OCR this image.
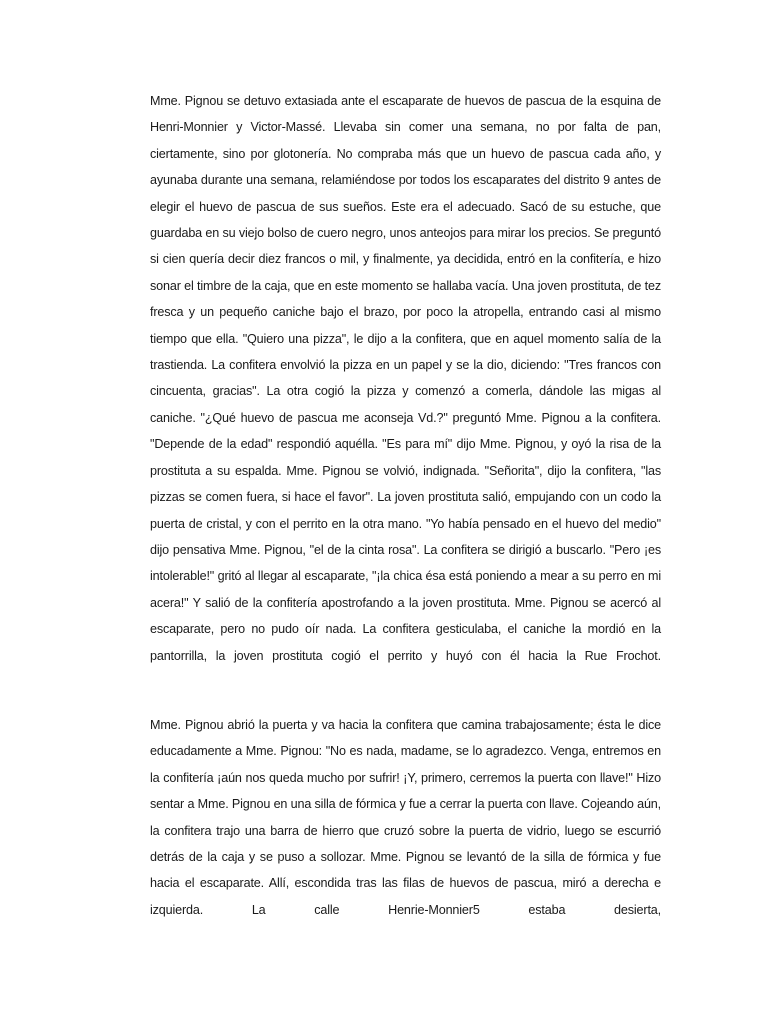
Mme. Pignou se detuvo extasiada ante el escaparate de huevos de pascua de la esquina de Henri-Monnier y Victor-Massé. Llevaba sin comer una semana, no por falta de pan, ciertamente, sino por glotonería. No compraba más que un huevo de pascua cada año, y ayunaba durante una semana, relamiéndose por todos los escaparates del distrito 9 antes de elegir el huevo de pascua de sus sueños. Este era el adecuado. Sacó de su estuche, que guardaba en su viejo bolso de cuero negro, unos anteojos para mirar los precios. Se preguntó si cien quería decir diez francos o mil, y finalmente, ya decidida, entró en la confitería, e hizo sonar el timbre de la caja, que en este momento se hallaba vacía. Una joven prostituta, de tez fresca y un pequeño caniche bajo el brazo, por poco la atropella, entrando casi al mismo tiempo que ella. "Quiero una pizza", le dijo a la confitera, que en aquel momento salía de la trastienda. La confitera envolvió la pizza en un papel y se la dio, diciendo: "Tres francos con cincuenta, gracias". La otra cogió la pizza y comenzó a comerla, dándole las migas al caniche. "¿Qué huevo de pascua me aconseja Vd.?" preguntó Mme. Pignou a la confitera. "Depende de la edad" respondió aquélla. "Es para mí" dijo Mme. Pignou, y oyó la risa de la prostituta a su espalda. Mme. Pignou se volvió, indignada. "Señorita", dijo la confitera, "las pizzas se comen fuera, si hace el favor". La joven prostituta salió, empujando con un codo la puerta de cristal, y con el perrito en la otra mano. "Yo había pensado en el huevo del medio" dijo pensativa Mme. Pignou, "el de la cinta rosa". La confitera se dirigió a buscarlo. "Pero ¡es intolerable!" gritó al llegar al escaparate, "¡la chica ésa está poniendo a mear a su perro en mi acera!" Y salió de la confitería apostrofando a la joven prostituta. Mme. Pignou se acercó al escaparate, pero no pudo oír nada. La confitera gesticulaba, el caniche la mordió en la pantorrilla, la joven prostituta cogió el perrito y huyó con él hacia la Rue Frochot.
Mme. Pignou abrió la puerta y va hacia la confitera que camina trabajosamente; ésta le dice educadamente a Mme. Pignou: "No es nada, madame, se lo agradezco. Venga, entremos en la confitería ¡aún nos queda mucho por sufrir! ¡Y, primero, cerremos la puerta con llave!" Hizo sentar a Mme. Pignou en una silla de fórmica y fue a cerrar la puerta con llave. Cojeando aún, la confitera trajo una barra de hierro que cruzó sobre la puerta de vidrio, luego se escurrió detrás de la caja y se puso a sollozar. Mme. Pignou se levantó de la silla de fórmica y fue hacia el escaparate. Allí, escondida tras las filas de huevos de pascua, miró a derecha e izquierda. La calle Henrie-Monnier5 estaba desierta,
